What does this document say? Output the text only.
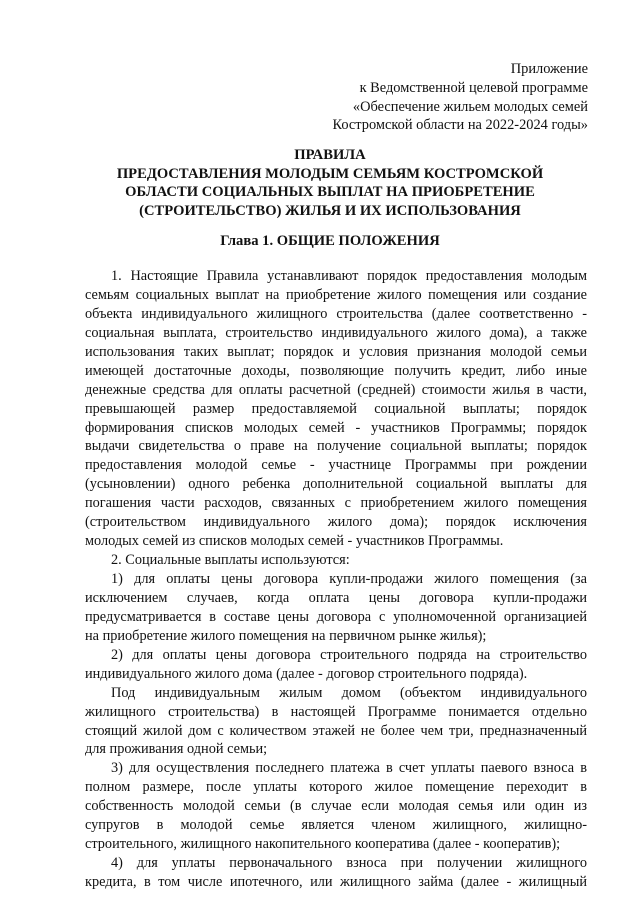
Приложение
к Ведомственной целевой программе
«Обеспечение жильем молодых семей
Костромской области на 2022-2024 годы»
ПРАВИЛА
ПРЕДОСТАВЛЕНИЯ МОЛОДЫМ СЕМЬЯМ КОСТРОМСКОЙ
ОБЛАСТИ СОЦИАЛЬНЫХ ВЫПЛАТ НА ПРИОБРЕТЕНИЕ
(СТРОИТЕЛЬСТВО) ЖИЛЬЯ И ИХ ИСПОЛЬЗОВАНИЯ
Глава 1. ОБЩИЕ ПОЛОЖЕНИЯ
1. Настоящие Правила устанавливают порядок предоставления молодым
семьям социальных выплат на приобретение жилого помещения или создание
объекта индивидуального жилищного строительства (далее соответственно -
социальная выплата, строительство индивидуального жилого дома), а также
использования таких выплат; порядок и условия признания молодой семьи
имеющей достаточные доходы, позволяющие получить кредит, либо иные
денежные средства для оплаты расчетной (средней) стоимости жилья в части,
превышающей размер предоставляемой социальной выплаты; порядок
формирования списков молодых семей - участников Программы; порядок
выдачи свидетельства о праве на получение социальной выплаты; порядок
предоставления молодой семье - участнице Программы при рождении
(усыновлении) одного ребенка дополнительной социальной выплаты для
погашения части расходов, связанных с приобретением жилого помещения
(строительством индивидуального жилого дома); порядок исключения
молодых семей из списков молодых семей - участников Программы.
2. Социальные выплаты используются:
1) для оплаты цены договора купли-продажи жилого помещения (за
исключением случаев, когда оплата цены договора купли-продажи
предусматривается в составе цены договора с уполномоченной организацией
на приобретение жилого помещения на первичном рынке жилья);
2) для оплаты цены договора строительного подряда на строительство
индивидуального жилого дома (далее - договор строительного подряда).
Под индивидуальным жилым домом (объектом индивидуального
жилищного строительства) в настоящей Программе понимается отдельно
стоящий жилой дом с количеством этажей не более чем три, предназначенный
для проживания одной семьи;
3) для осуществления последнего платежа в счет уплаты паевого взноса в
полном размере, после уплаты которого жилое помещение переходит в
собственность молодой семьи (в случае если молодая семья или один из
супругов в молодой семье является членом жилищного, жилищно-
строительного, жилищного накопительного кооператива (далее - кооператив);
4) для уплаты первоначального взноса при получении жилищного
кредита, в том числе ипотечного, или жилищного займа (далее - жилищный
